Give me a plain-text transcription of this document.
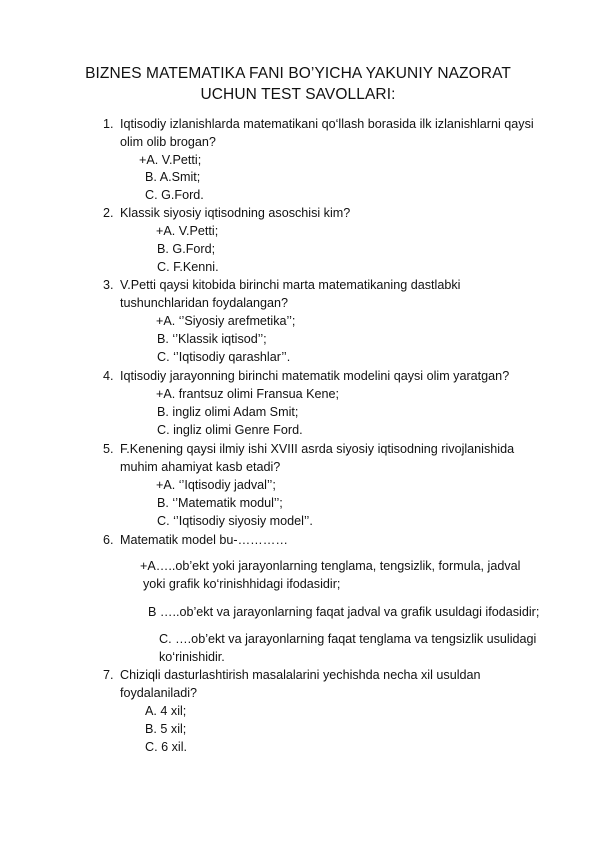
BIZNES MATEMATIKA FANI BO’YICHA YAKUNIY NAZORAT
UCHUN TEST SAVOLLARI:
1. Iqtisodiy izlanishlarda matematikani qo‘llash borasida ilk izlanishlarni qaysi
olim olib brogan?
+A. V.Petti;
B. A.Smit;
C. G.Ford.
2. Klassik siyosiy iqtisodning asoschisi kim?
+A. V.Petti;
B. G.Ford;
C. F.Kenni.
3. V.Petti qaysi kitobida birinchi marta matematikaning dastlabki
tushunchlaridan foydalangan?
+A. ‘’Siyosiy arefmetika’’;
B. ‘’Klassik iqtisod’’;
C. ‘’Iqtisodiy qarashlar’’.
4. Iqtisodiy jarayonning birinchi matematik modelini qaysi olim yaratgan?
+A. frantsuz olimi Fransua Kene;
B. ingliz olimi Adam Smit;
C. ingliz olimi Genre Ford.
5. F.Kenening qaysi ilmiy ishi XVIII asrda siyosiy iqtisodning rivojlanishida
muhim ahamiyat kasb etadi?
+A. ‘’Iqtisodiy jadval’’;
B. ‘’Matematik modul’’;
C. ‘’Iqtisodiy siyosiy model’’.
6. Matematik model bu-…………
+A…..ob’ekt yoki jarayonlarning tenglama, tengsizlik, formula, jadval
yoki grafik ko‘rinishhidagi ifodasidir;
B …..ob’ekt va jarayonlarning faqat jadval va grafik usuldagi ifodasidir;
C. ….ob’ekt va jarayonlarning faqat tenglama va tengsizlik usulidagi
ko‘rinishidir.
7. Chiziqli dasturlashtirish masalalarini yechishda necha xil usuldan
foydalaniladi?
A. 4 xil;
B. 5 xil;
C. 6 xil.
